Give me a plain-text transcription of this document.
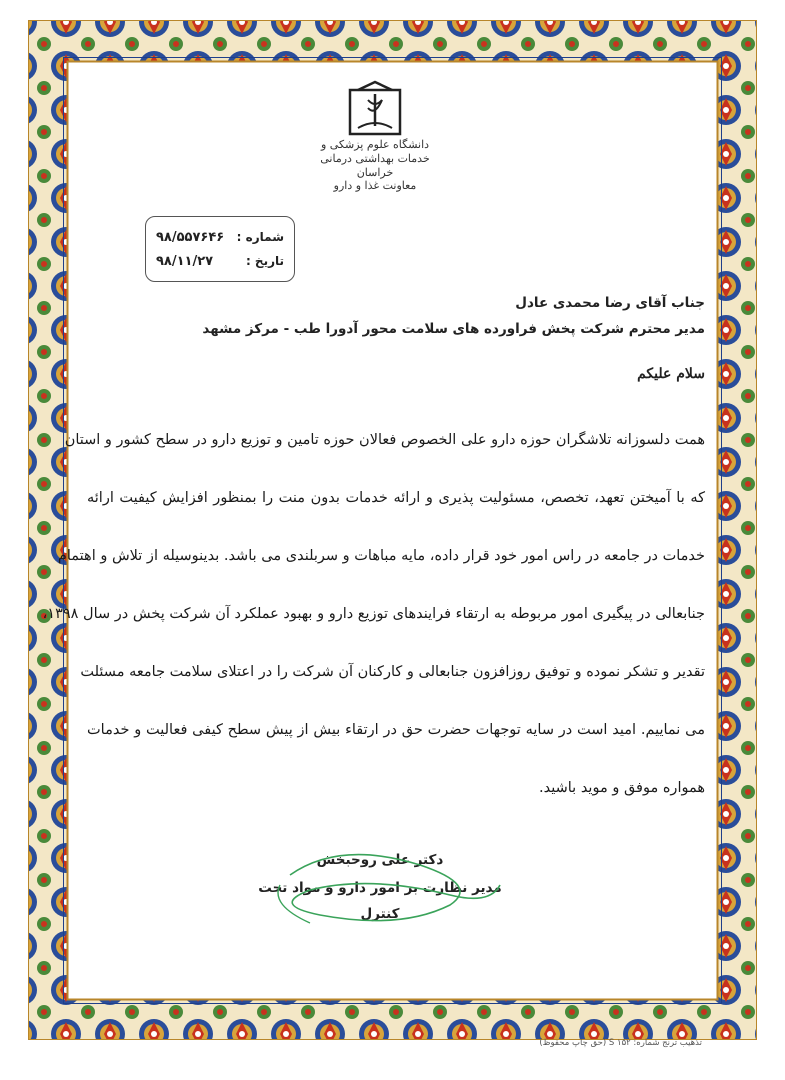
دانشگاه علوم پزشکی و خدمات بهداشتی درمانی خراسان
معاونت غذا و دارو
شماره :
۹۸/۵۵۷۶۴۶
تاریخ :
۹۸/۱۱/۲۷
جناب آقای رضا محمدی عادل
مدیر محترم شرکت پخش فراورده های سلامت محور آدورا طب - مرکز مشهد
سلام علیکم
همت دلسوزانه تلاشگران حوزه دارو علی الخصوص فعالان حوزه تامین و توزیع دارو در سطح کشور و استان
که با آمیختن تعهد، تخصص، مسئولیت پذیری و ارائه خدمات بدون منت را بمنظور افزایش کیفیت ارائه
خدمات در جامعه در راس امور خود قرار داده، مایه مباهات و سربلندی می باشد. بدینوسیله از تلاش و اهتمام
جنابعالی در پیگیری امور مربوطه به ارتقاء فرایندهای توزیع دارو و بهبود عملکرد آن شرکت پخش در سال ۱۳۹۸،
تقدیر و تشکر نموده و توفیق روزافزون جنابعالی و کارکنان آن شرکت را در اعتلای سلامت جامعه مسئلت
می نماییم. امید است در سایه توجهات حضرت حق در ارتقاء بیش از پیش سطح کیفی فعالیت و خدمات
همواره موفق و موید باشید.
دکتر علی روحبخش
مدیر نظارت بر امور دارو و مواد تحت کنترل
تذهیب ترنج شماره: ۱۵۲ S (حق چاپ محفوظ)
